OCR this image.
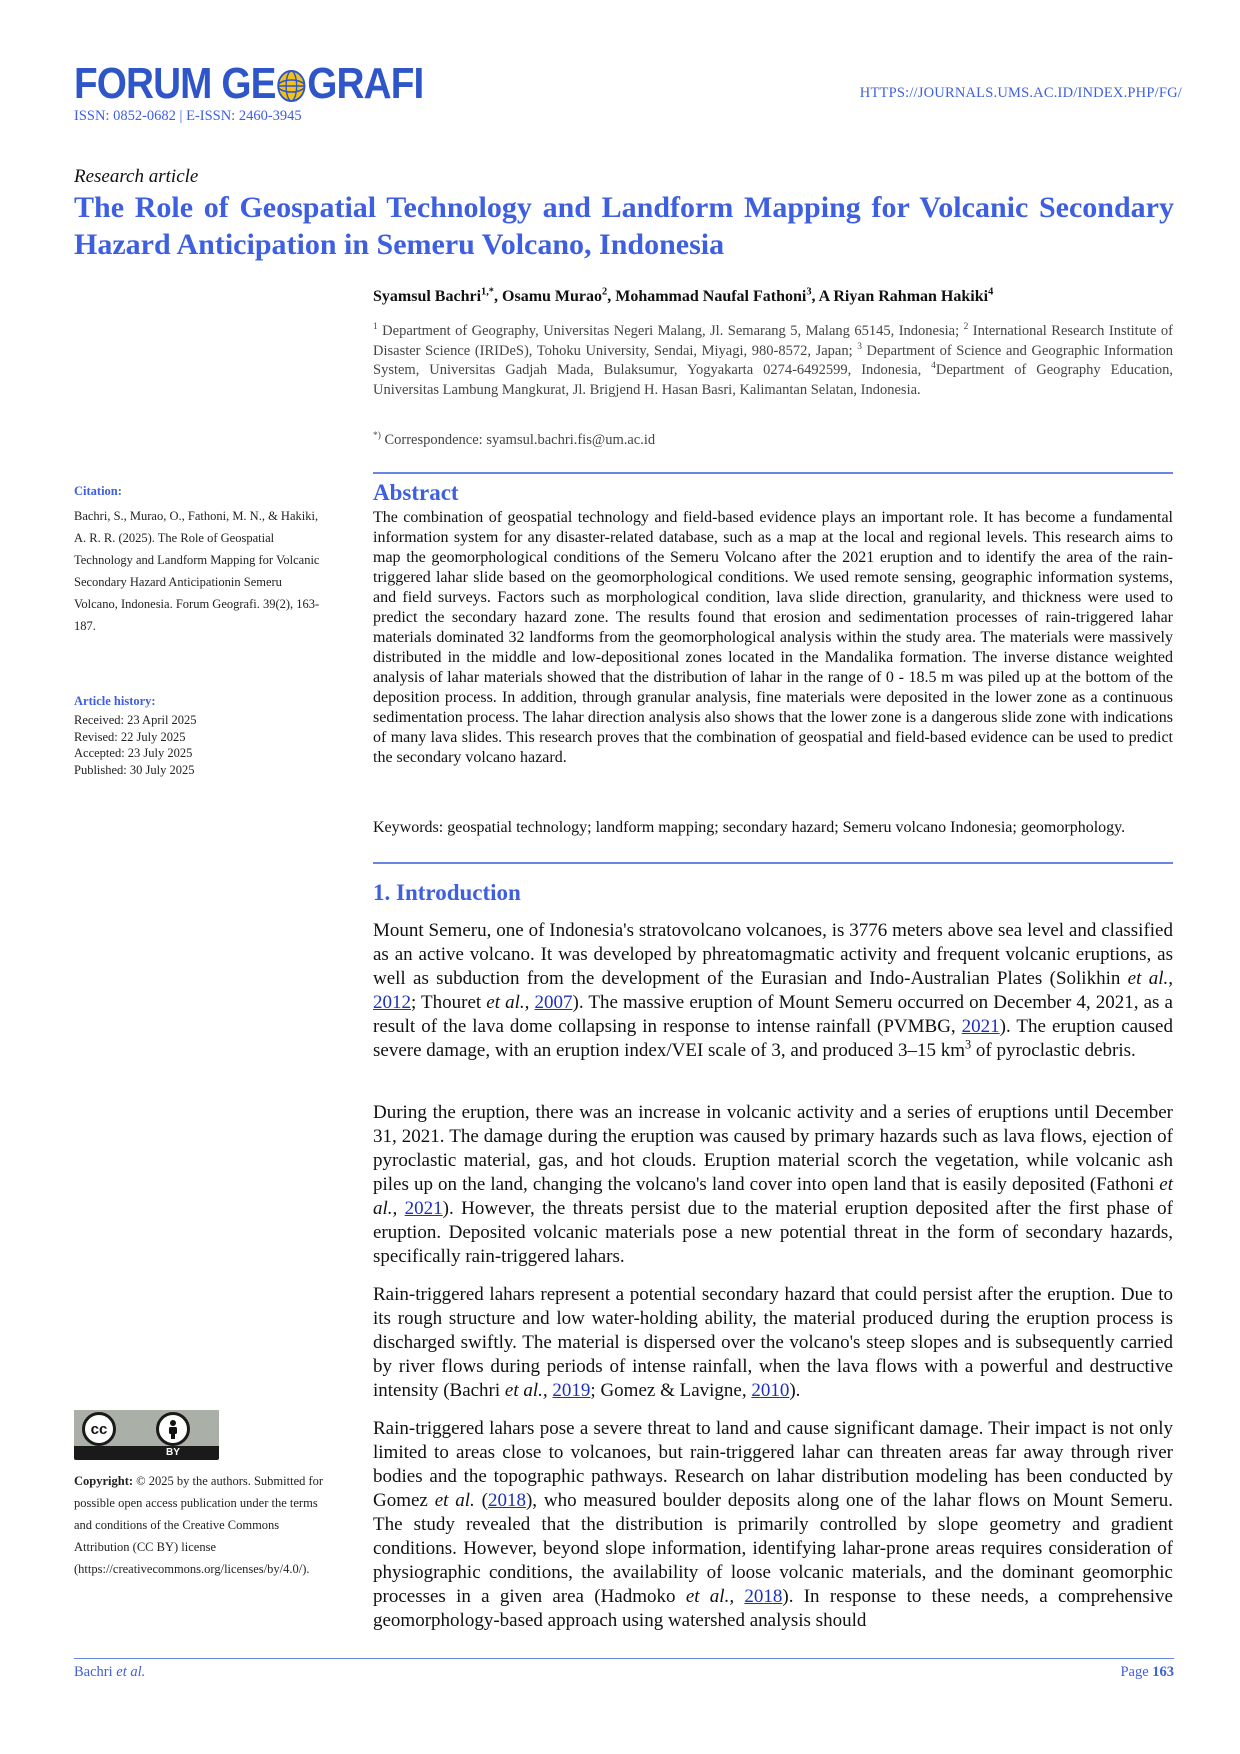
FORUM GE GRAFI
ISSN: 0852-0682 | E-ISSN: 2460-3945
HTTPS://JOURNALS.UMS.AC.ID/INDEX.PHP/FG/
Research article
The Role of Geospatial Technology and Landform Mapping for Volcanic Secondary Hazard Anticipation in Semeru Volcano, Indonesia
Syamsul Bachri$^{1,*}$, Osamu Murao$^2$, Mohammad Naufal Fathoni$^3$, A Riyan Rahman Hakiki$^4$
$^1$ Department of Geography, Universitas Negeri Malang, Jl. Semarang 5, Malang 65145, Indonesia; $^2$ International Research Institute of Disaster Science (IRIDeS), Tohoku University, Sendai, Miyagi, 980-8572, Japan; $^3$ Department of Science and Geographic Information System, Universitas Gadjah Mada, Bulaksumur, Yogyakarta 0274-6492599, Indonesia, $^4$Department of Geography Education, Universitas Lambung Mangkurat, Jl. Brigjend H. Hasan Basri, Kalimantan Selatan, Indonesia.
*) Correspondence: syamsul.bachri.fis@um.ac.id
Citation:
Bachri, S., Murao, O., Fathoni, M. N., & Hakiki, A. R. R. (2025). The Role of Geospatial Technology and Landform Mapping for Volcanic Secondary Hazard Anticipationin Semeru Volcano, Indonesia. Forum Geografi. 39(2), 163-187.
Article history:
Received: 23 April 2025
Revised: 22 July 2025
Accepted: 23 July 2025
Published: 30 July 2025
cc
BY
Copyright: © 2025 by the authors. Submitted for possible open access publication under the terms and conditions of the Creative Commons Attribution (CC BY) license (https://creativecommons.org/licenses/by/4.0/).
Abstract
The combination of geospatial technology and field-based evidence plays an important role. It has become a fundamental information system for any disaster-related database, such as a map at the local and regional levels. This research aims to map the geomorphological conditions of the Semeru Volcano after the 2021 eruption and to identify the area of the rain-triggered lahar slide based on the geomorphological conditions. We used remote sensing, geographic information systems, and field surveys. Factors such as morphological condition, lava slide direction, granularity, and thickness were used to predict the secondary hazard zone. The results found that erosion and sedimentation processes of rain-triggered lahar materials dominated 32 landforms from the geomorphological analysis within the study area. The materials were massively distributed in the middle and low-depositional zones located in the Mandalika formation. The inverse distance weighted analysis of lahar materials showed that the distribution of lahar in the range of 0 - 18.5 m was piled up at the bottom of the deposition process. In addition, through granular analysis, fine materials were deposited in the lower zone as a continuous sedimentation process. The lahar direction analysis also shows that the lower zone is a dangerous slide zone with indications of many lava slides. This research proves that the combination of geospatial and field-based evidence can be used to predict the secondary volcano hazard.
Keywords: geospatial technology; landform mapping; secondary hazard; Semeru volcano Indonesia; geomorphology.
1. Introduction

Mount Semeru, one of Indonesia's stratovolcano volcanoes, is 3776 meters above sea level and classified as an active volcano. It was developed by phreatomagmatic activity and frequent volcanic eruptions, as well as subduction from the development of the Eurasian and Indo-Australian Plates (Solikhin et al., 2012; Thouret et al., 2007). The massive eruption of Mount Semeru occurred on December 4, 2021, as a result of the lava dome collapsing in response to intense rainfall (PVMBG, 2021). The eruption caused severe damage, with an eruption index/VEI scale of 3, and produced 3–15 $km^3$ of pyroclastic debris.

During the eruption, there was an increase in volcanic activity and a series of eruptions until December 31, 2021. The damage during the eruption was caused by primary hazards such as lava flows, ejection of pyroclastic material, gas, and hot clouds. Eruption material scorch the vegetation, while volcanic ash piles up on the land, changing the volcano's land cover into open land that is easily deposited (Fathoni et al., 2021). However, the threats persist due to the material eruption deposited after the first phase of eruption. Deposited volcanic materials pose a new potential threat in the form of secondary hazards, specifically rain-triggered lahars.

Rain-triggered lahars represent a potential secondary hazard that could persist after the eruption. Due to its rough structure and low water-holding ability, the material produced during the eruption process is discharged swiftly. The material is dispersed over the volcano's steep slopes and is subsequently carried by river flows during periods of intense rainfall, when the lava flows with a powerful and destructive intensity (Bachri et al., 2019; Gomez & Lavigne, 2010).

Rain-triggered lahars pose a severe threat to land and cause significant damage. Their impact is not only limited to areas close to volcanoes, but rain-triggered lahar can threaten areas far away through river bodies and the topographic pathways. Research on lahar distribution modeling has been conducted by Gomez et al. (2018), who measured boulder deposits along one of the lahar flows on Mount Semeru. The study revealed that the distribution is primarily controlled by slope geometry and gradient conditions. However, beyond slope information, identifying lahar-prone areas requires consideration of physiographic conditions, the availability of loose volcanic materials, and the dominant geomorphic processes in a given area (Hadmoko et al., 2018). In response to these needs, a comprehensive geomorphology-based approach using watershed analysis should

Bachri et al.	Page 163
